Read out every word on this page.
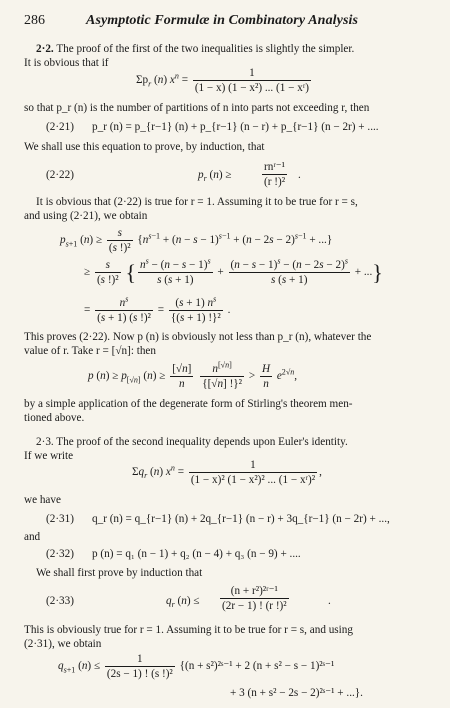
286	Asymptotic Formulæ in Combinatory Analysis
2·2. The proof of the first of the two inequalities is slightly the simpler.
It is obvious that if
$\Sigma p_r$ (n) $x^n = \frac{1}{\text{(1 − x) (1 − x²) ... (1 − xʳ)}}$
so that p_r (n) is the number of partitions of n into parts not exceeding r, then
(2·21) p_r (n) = p_{r−1} (n) + p_{r−1} (n − r) + p_{r−1} (n − 2r) + ....
We shall use this equation to prove, by induction, that
(2·22)	$p_r$ (n) ≥
rnʳ⁻¹
(r !)²
.
It is obvious that (2·22) is true for r = 1. Assuming it to be true for r = s,
and using (2·21), we obtain
$p_{s+1}$ $(n) \ge \frac{s}{\text{(s !)²}} \{n^{s-1} + (n - s - 1)^{s-1} + (n - 2s - 2)^{s-1}$ + ...}
≥ $\frac{s}{\text{(s !)²}}$ { $\frac{n^s - (n - s - 1)^s}{s (s + 1)} + \frac{(n - s - 1)^s - (n - 2s - 2)^s}{s (s + 1)}$ + ...}
= $\frac{n^s}{\text{(s + 1) (s !)²}} = \frac{(s + 1) n^s}{\text{\{(s + 1) !\}²}}$ .
This proves (2·22). Now p (n) is obviously not less than p_r (n), whatever the
value of r. Take r = [√n]: then
p $(n) \ge p_{[√n]}$ $(n) \ge \frac{[√n]}{n}$
$\frac{n^{[√n]}}{\text{\{[√n] !\}²}} > \frac{H}{n} e^{2√n}$,
by a simple application of the degenerate form of Stirling's theorem men-
tioned above.
2·3. The proof of the second inequality depends upon Euler's identity.
If we write
$\Sigma q_r$ (n) $x^n = \frac{1}{\text{(1 − x)² (1 − x²)² ... (1 − xʳ)²}}$ ,
we have
(2·31) q_r (n) = q_{r−1} (n) + 2q_{r−1} (n − r) + 3q_{r−1} (n − 2r) + ...,
and
(2·32) p (n) = q₁ (n − 1) + q₂ (n − 4) + q₃ (n − 9) + ....
We shall first prove by induction that
(2·33)	$q_r$ $(n) \le \frac{\text{(n + r²)²ʳ⁻¹}}{\text{(2r − 1) ! (r !)²}}$	.
This is obviously true for r = 1. Assuming it to be true for r = s, and using
(2·31), we obtain
$q_{s+1}$ $(n) \le \frac{1}{\text{(2s − 1) ! (s !)²}} \{(n$ + s²)²ˢ⁻¹ + 2 (n + s² − s − 1)²ˢ⁻¹
+ 3 (n + s² − 2s − 2)²ˢ⁻¹ + ...}.
